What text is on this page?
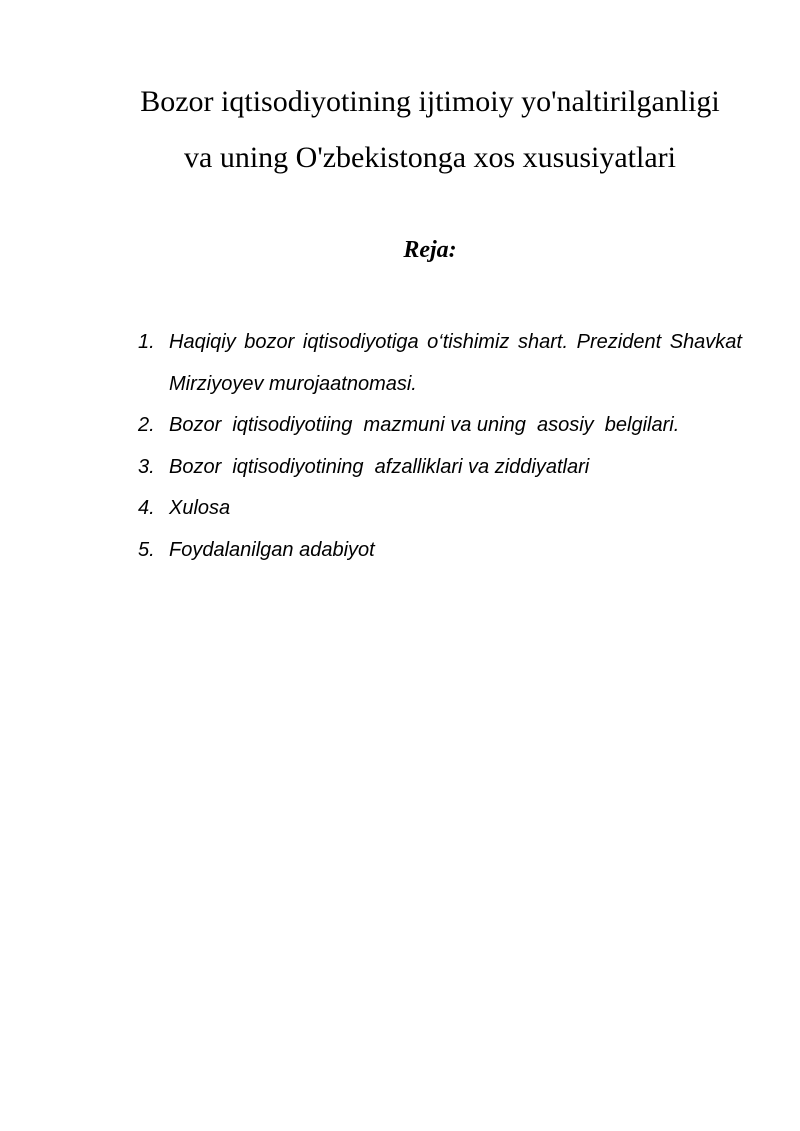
Bozor iqtisodiyotining ijtimoiy yo'naltirilganligi
va uning O'zbekistonga xos xususiyatlari

Reja:

1. Haqiqiy bozor iqtisodiyotiga o‘tishimiz shart. Prezident Shavkat Mirziyoyev murojaatnomasi.
2. Bozor  iqtisodiyotiing  mazmuni va uning  asosiy  belgilari.
3. Bozor  iqtisodiyotining  afzalliklari va ziddiyatlari
4. Xulosa
5. Foydalanilgan adabiyot
